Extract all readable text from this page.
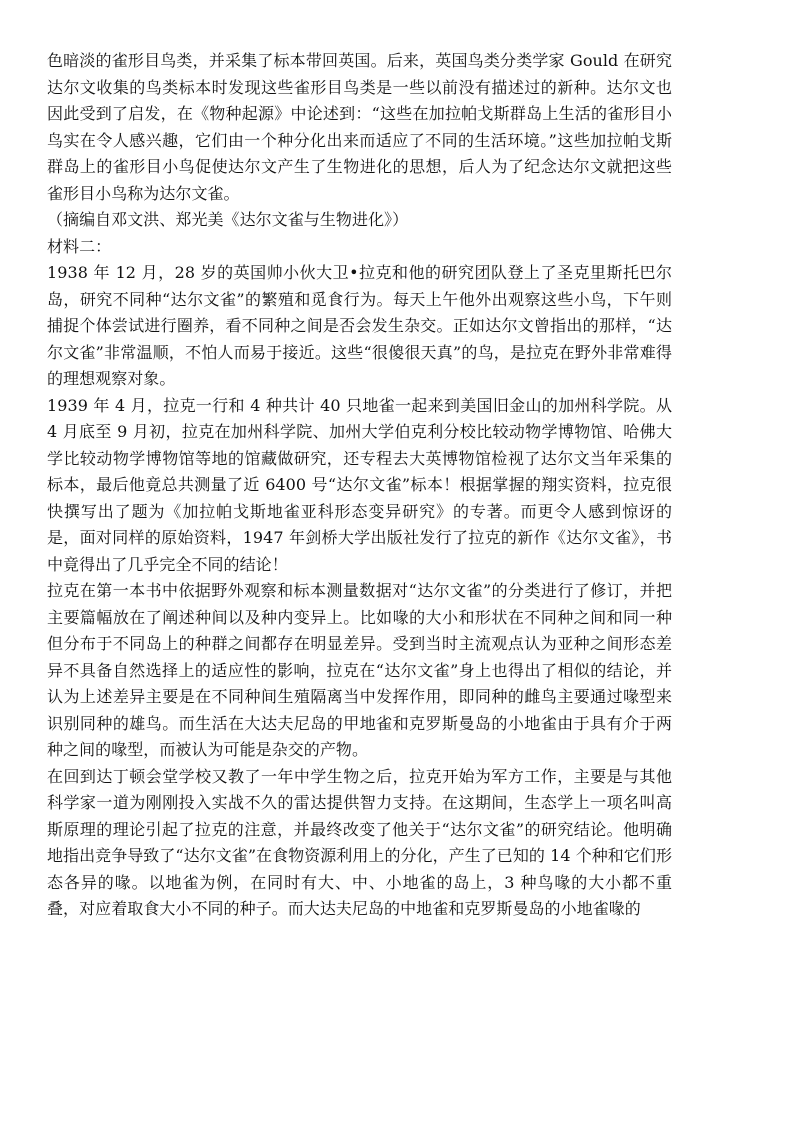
色暗淡的雀形目鸟类，并采集了标本带回英国。后来，英国鸟类分类学家 Gould 在研究达尔文收集的鸟类标本时发现这些雀形目鸟类是一些以前没有描述过的新种。达尔文也因此受到了启发，在《物种起源》中论述到：“这些在加拉帕戈斯群岛上生活的雀形目小鸟实在令人感兴趣，它们由一个种分化出来而适应了不同的生活环境。”这些加拉帕戈斯群岛上的雀形目小鸟促使达尔文产生了生物进化的思想，后人为了纪念达尔文就把这些雀形目小鸟称为达尔文雀。

（摘编自邓文洪、郑光美《达尔文雀与生物进化》）

材料二：

1938 年 12 月，28 岁的英国帅小伙大卫•拉克和他的研究团队登上了圣克里斯托巴尔岛，研究不同种“达尔文雀”的繁殖和觅食行为。每天上午他外出观察这些小鸟，下午则捕捉个体尝试进行圈养，看不同种之间是否会发生杂交。正如达尔文曾指出的那样，“达尔文雀”非常温顺，不怕人而易于接近。这些“很傻很天真”的鸟，是拉克在野外非常难得的理想观察对象。

1939 年 4 月，拉克一行和 4 种共计 40 只地雀一起来到美国旧金山的加州科学院。从 4 月底至 9 月初，拉克在加州科学院、加州大学伯克利分校比较动物学博物馆、哈佛大学比较动物学博物馆等地的馆藏做研究，还专程去大英博物馆检视了达尔文当年采集的标本，最后他竟总共测量了近 6400 号“达尔文雀”标本！根据掌握的翔实资料，拉克很快撰写出了题为《加拉帕戈斯地雀亚科形态变异研究》的专著。而更令人感到惊讶的是，面对同样的原始资料，1947 年剑桥大学出版社发行了拉克的新作《达尔文雀》，书中竟得出了几乎完全不同的结论！

拉克在第一本书中依据野外观察和标本测量数据对“达尔文雀”的分类进行了修订，并把主要篇幅放在了阐述种间以及种内变异上。比如喙的大小和形状在不同种之间和同一种但分布于不同岛上的种群之间都存在明显差异。受到当时主流观点认为亚种之间形态差异不具备自然选择上的适应性的影响，拉克在“达尔文雀”身上也得出了相似的结论，并认为上述差异主要是在不同种间生殖隔离当中发挥作用，即同种的雌鸟主要通过喙型来识别同种的雄鸟。而生活在大达夫尼岛的甲地雀和克罗斯曼岛的小地雀由于具有介于两种之间的喙型，而被认为可能是杂交的产物。

在回到达丁顿会堂学校又教了一年中学生物之后，拉克开始为军方工作，主要是与其他科学家一道为刚刚投入实战不久的雷达提供智力支持。在这期间，生态学上一项名叫高斯原理的理论引起了拉克的注意，并最终改变了他关于“达尔文雀”的研究结论。他明确地指出竞争导致了“达尔文雀”在食物资源利用上的分化，产生了已知的 14 个种和它们形态各异的喙。以地雀为例，在同时有大、中、小地雀的岛上，3 种鸟喙的大小都不重叠，对应着取食大小不同的种子。而大达夫尼岛的中地雀和克罗斯曼岛的小地雀喙的
